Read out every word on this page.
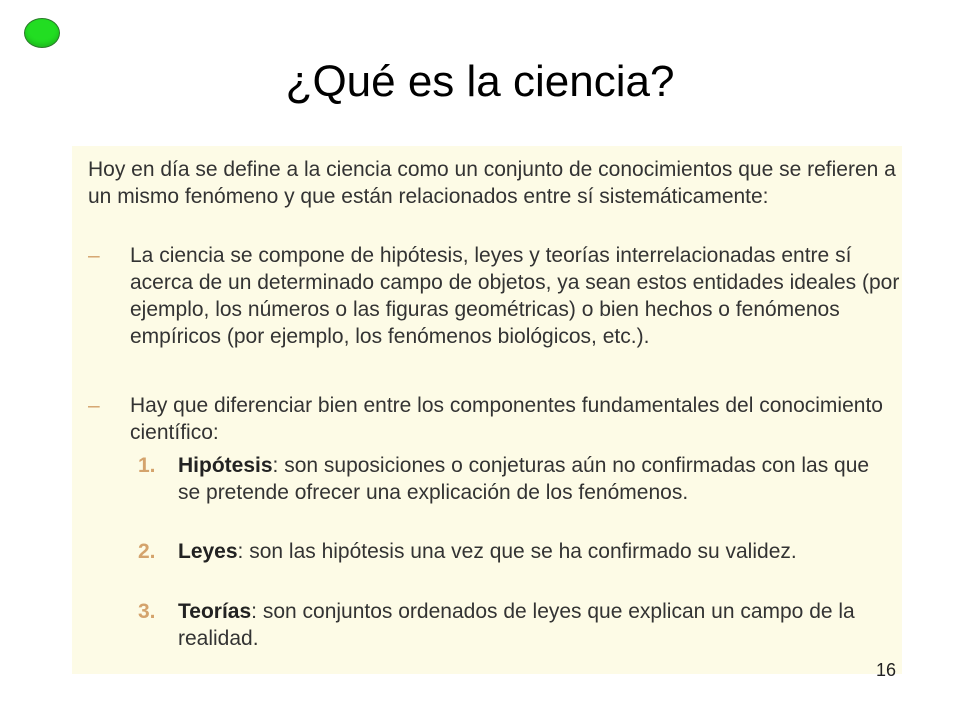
¿Qué es la ciencia?
Hoy en día se define a la ciencia como un conjunto de conocimientos que se refieren a un mismo fenómeno y que están relacionados entre sí sistemáticamente:
– La ciencia se compone de hipótesis, leyes y teorías interrelacionadas entre sí acerca de un determinado campo de objetos, ya sean estos entidades ideales (por ejemplo, los números o las figuras geométricas) o bien hechos o fenómenos empíricos (por ejemplo, los fenómenos biológicos, etc.).
– Hay que diferenciar bien entre los componentes fundamentales del conocimiento científico:
1. Hipótesis: son suposiciones o conjeturas aún no confirmadas con las que se pretende ofrecer una explicación de los fenómenos.
2. Leyes: son las hipótesis una vez que se ha confirmado su validez.
3. Teorías: son conjuntos ordenados de leyes que explican un campo de la realidad.
16
